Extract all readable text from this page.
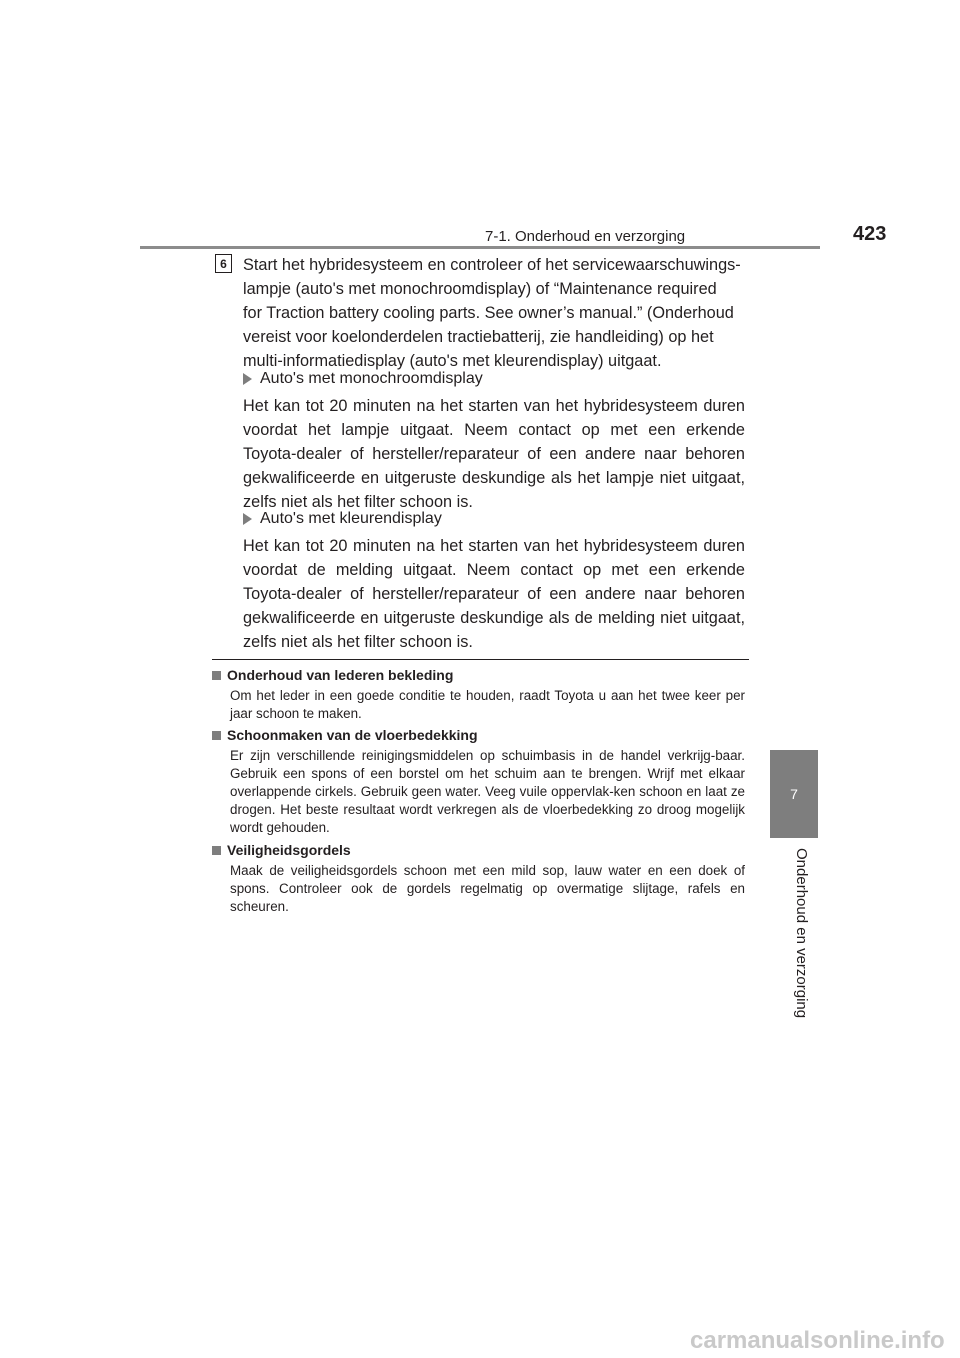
7-1. Onderhoud en verzorging	423
7
Onderhoud en verzorging
6 Start het hybridesysteem en controleer of het servicewaarschuwings-
lampje (auto's met monochroomdisplay) of “Maintenance required
for Traction battery cooling parts. See owner’s manual.” (Onderhoud
vereist voor koelonderdelen tractiebatterij, zie handleiding) op het
multi-informatiedisplay (auto's met kleurendisplay) uitgaat.
Auto's met monochroomdisplay
Het kan tot 20 minuten na het starten van het hybridesysteem duren voordat het lampje uitgaat. Neem contact op met een erkende Toyota-dealer of hersteller/reparateur of een andere naar behoren gekwalificeerde en uitgeruste deskundige als het lampje niet uitgaat, zelfs niet als het filter schoon is.
Auto's met kleurendisplay
Het kan tot 20 minuten na het starten van het hybridesysteem duren voordat de melding uitgaat. Neem contact op met een erkende Toyota-dealer of hersteller/reparateur of een andere naar behoren gekwalificeerde en uitgeruste deskundige als de melding niet uitgaat, zelfs niet als het filter schoon is.
Onderhoud van lederen bekleding
Om het leder in een goede conditie te houden, raadt Toyota u aan het twee keer per jaar schoon te maken.
Schoonmaken van de vloerbedekking
Er zijn verschillende reinigingsmiddelen op schuimbasis in de handel verkrijg-baar. Gebruik een spons of een borstel om het schuim aan te brengen. Wrijf met elkaar overlappende cirkels. Gebruik geen water. Veeg vuile oppervlak-ken schoon en laat ze drogen. Het beste resultaat wordt verkregen als de vloerbedekking zo droog mogelijk wordt gehouden.
Veiligheidsgordels
Maak de veiligheidsgordels schoon met een mild sop, lauw water en een doek of spons. Controleer ook de gordels regelmatig op overmatige slijtage, rafels en scheuren.
carmanualsonline.info
